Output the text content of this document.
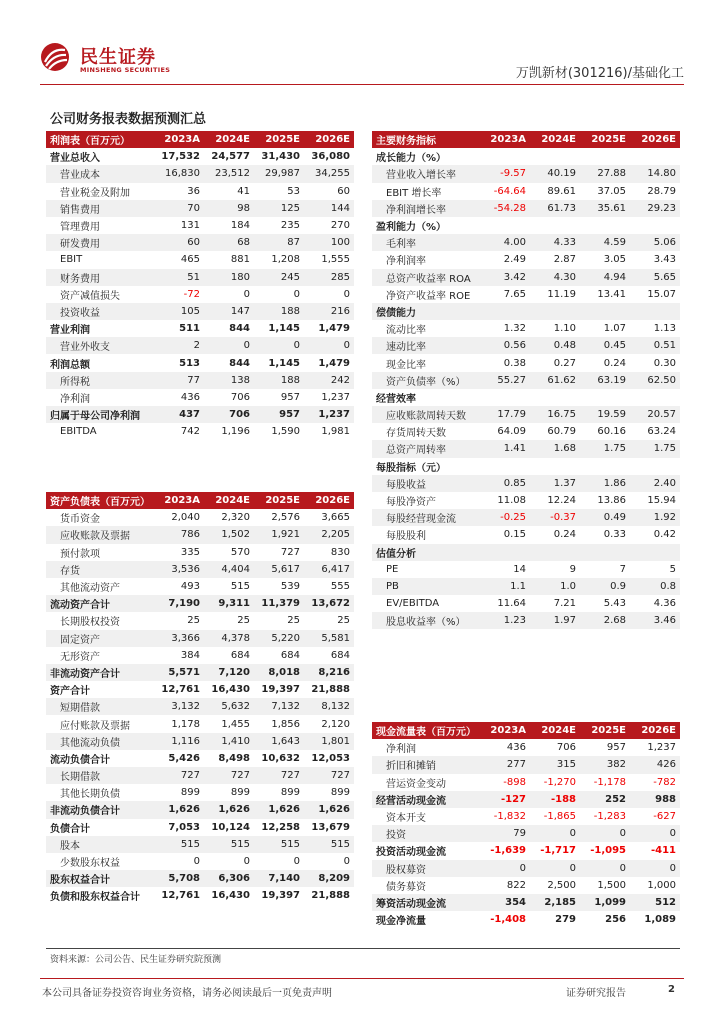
民生证券
MINSHENG SECURITIES	万凯新材(301216)/基础化工
公司财务报表数据预测汇总
利润表（百万元）	2023A	2024E	2025E	2026E
营业总收入	17,532	24,577	31,430	36,080
营业成本	16,830	23,512	29,987	34,255
营业税金及附加	36	41	53	60
销售费用	70	98	125	144
管理费用	131	184	235	270
研发费用	60	68	87	100
EBIT	465	881	1,208	1,555
财务费用	51	180	245	285
资产减值损失	-72	0	0	0
投资收益	105	147	188	216
营业利润	511	844	1,145	1,479
营业外收支	2	0	0	0
利润总额	513	844	1,145	1,479
所得税	77	138	188	242
净利润	436	706	957	1,237
归属于母公司净利润	437	706	957	1,237
EBITDA	742	1,196	1,590	1,981
资产负债表（百万元）	2023A	2024E	2025E	2026E
货币资金	2,040	2,320	2,576	3,665
应收账款及票据	786	1,502	1,921	2,205
预付款项	335	570	727	830
存货	3,536	4,404	5,617	6,417
其他流动资产	493	515	539	555
流动资产合计	7,190	9,311	11,379	13,672
长期股权投资	25	25	25	25
固定资产	3,366	4,378	5,220	5,581
无形资产	384	684	684	684
非流动资产合计	5,571	7,120	8,018	8,216
资产合计	12,761	16,430	19,397	21,888
短期借款	3,132	5,632	7,132	8,132
应付账款及票据	1,178	1,455	1,856	2,120
其他流动负债	1,116	1,410	1,643	1,801
流动负债合计	5,426	8,498	10,632	12,053
长期借款	727	727	727	727
其他长期负债	899	899	899	899
非流动负债合计	1,626	1,626	1,626	1,626
负债合计	7,053	10,124	12,258	13,679
股本	515	515	515	515
少数股东权益	0	0	0	0
股东权益合计	5,708	6,306	7,140	8,209
负债和股东权益合计	12,761	16,430	19,397	21,888
主要财务指标	2023A	2024E	2025E	2026E
成长能力（%）				
营业收入增长率	-9.57	40.19	27.88	14.80
EBIT 增长率	-64.64	89.61	37.05	28.79
净利润增长率	-54.28	61.73	35.61	29.23
盈利能力（%）				
毛利率	4.00	4.33	4.59	5.06
净利润率	2.49	2.87	3.05	3.43
总资产收益率 ROA	3.42	4.30	4.94	5.65
净资产收益率 ROE	7.65	11.19	13.41	15.07
偿债能力				
流动比率	1.32	1.10	1.07	1.13
速动比率	0.56	0.48	0.45	0.51
现金比率	0.38	0.27	0.24	0.30
资产负债率（%）	55.27	61.62	63.19	62.50
经营效率				
应收账款周转天数	17.79	16.75	19.59	20.57
存货周转天数	64.09	60.79	60.16	63.24
总资产周转率	1.41	1.68	1.75	1.75
每股指标（元）				
每股收益	0.85	1.37	1.86	2.40
每股净资产	11.08	12.24	13.86	15.94
每股经营现金流	-0.25	-0.37	0.49	1.92
每股股利	0.15	0.24	0.33	0.42
估值分析				
PE	14	9	7	5
PB	1.1	1.0	0.9	0.8
EV/EBITDA	11.64	7.21	5.43	4.36
股息收益率（%）	1.23	1.97	2.68	3.46
现金流量表（百万元）	2023A	2024E	2025E	2026E
净利润	436	706	957	1,237
折旧和摊销	277	315	382	426
营运资金变动	-898	-1,270	-1,178	-782
经营活动现金流	-127	-188	252	988
资本开支	-1,832	-1,865	-1,283	-627
投资	79	0	0	0
投资活动现金流	-1,639	-1,717	-1,095	-411
股权募资	0	0	0	0
债务募资	822	2,500	1,500	1,000
筹资活动现金流	354	2,185	1,099	512
现金净流量	-1,408	279	256	1,089
资料来源：公司公告、民生证券研究院预测
本公司具备证券投资咨询业务资格，请务必阅读最后一页免责声明	证券研究报告	2
